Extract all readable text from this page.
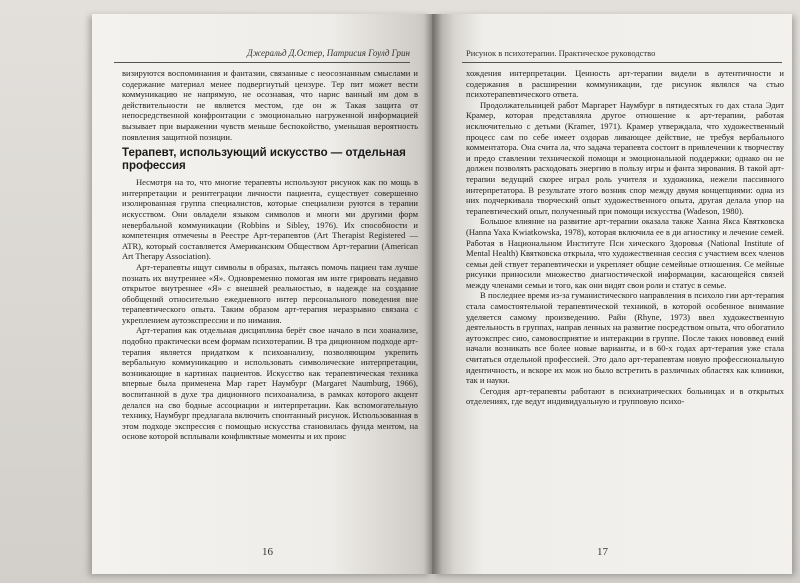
Джеральд Д.Остер, Патрисия Гоулд Грин

визируются воспоминания и фантазии, связанные с неосознанным смыслами и содержание материал менее подвергнутый цензуре. Тер пит может вести коммуникацию не напрямую, не осознавая, что нарис ванный им дом в действительности не является местом, где он ж Такая защита от непосредственной конфронтации с эмоционально нагруженной информацией вызывает при выражении чувств меньше беспокойство, уменьшая вероятность появления защитной позиции.

Терапевт, использующий искусство — отдельная профессия

Несмотря на то, что многие терапевты используют рисунок как по мощь в интерпретации и реинтеграции личности пациента, существует совершенно изолированная группа специалистов, которые специализи руются в терапии искусством. Они овладели языком символов и многи ми другими форм невербальной коммуникации (Robbins и Sibley, 1976). Их способности и компетенция отмечены в Реестре Арт-терапевтов (Art Therapist Registered — ATR), который составляется Американским Обществом Арт-терапии (American Art Therapy Association).

Арт-терапевты ищут символы в образах, пытаясь помочь пациен там лучше познать их внутреннее «Я». Одновременно помогая им инте грировать недавно открытое внутреннее «Я» с внешней реальностью, в надежде на создание обобщений относительно ежедневного интер персонального поведения вне терапевтического опыта. Таким образом арт-терапия неразрывно связана с укреплением аутоэкспрессии и по нимания.

Арт-терапия как отдельная дисциплина берёт свое начало в пси хоанализе, подобно практически всем формам психотерапии. В тра диционном подходе арт-терапия является придатком к психоанализу, позволяющим укрепить вербальную коммуникацию и использовать символические интерпретации, возникающие в картинах пациентов. Искусство как терапевтическая техника впервые была применена Мар гарет Наумбург (Margaret Naumburg, 1966), воспитанной в духе тра диционного психоанализа, в рамках которого акцент делался на сво бодные ассоциации и интерпретации. Как вспомогательную технику, Наумбург предлагала включить спонтанный рисунок. Использованная в этом подходе экспрессия с помощью искусства становилась фунда ментом, на основе которой всплывали конфликтные моменты и их проис

16
Рисунок в психотерапии. Практическое руководство

хождения интерпретации. Ценность арт-терапии видели в аутентичности и содержания в расширении коммуникации, где рисунок являлся ча стью психотерапевтического ответа.

Продолжательницей работ Маргарет Наумбург в пятидесятых го дах стала Эдит Крамер, которая представляла другое отношение к арт-терапии, работая исключительно с детьми (Kramer, 1971). Крамер утверждала, что художественный процесс сам по себе имеет оздорав ливающее действие, не требуя вербального комментатора. Она счита ла, что задача терапевта состоит в привлечении к творчеству и предо ставлении технической помощи и эмоциональной поддержки; однако он не должен позволять расходовать энергию в пользу игры и фанта зирования. В такой арт-терапии ведущий скорее играл роль учителя и художника, нежели пассивного интерпретатора. В результате этого возник спор между двумя концепциями: одна из них подчеркивала творческий опыт художественного опыта, другая делала упор на терапевтический опыт, полученный при помощи искусства (Wadeson, 1980).

Большое влияние на развитие арт-терапии оказала также Ханна Якса Квятковска (Hanna Yaxa Kwiatkowska, 1978), которая включила ее в ди агностику и лечение семей. Работая в Национальном Институте Пси хического Здоровья (National Institute of Mental Health) Квятковска открыла, что художественная сессия с участием всех членов семьи дей ствует терапевтически и укрепляет общие семейные отношения. Се мейные рисунки приносили множество диагностической информации, касающейся связей между членами семьи и того, как они видят свои роли и статус в семье.

В последнее время из-за гуманистического направления в психоло гии арт-терапия стала самостоятельной терапевтической техникой, в которой особенное внимание уделяется самому произведению. Райн (Rhyne, 1973) ввел художественную деятельность в группах, направ ленных на развитие посредством опыта, что обогатило аутоэкспрес сию, самовосприятие и интеракции в группе. После таких нововвед ений начали возникать все более новые варианты, и в 60-х годах арт-терапия уже стала считаться отдельной профессией. Это дало арт-терапевтам новую профессиональную идентичность, и вскоре их мож но было встретить в различных областях как клиники, так и науки.

Сегодня арт-терапевты работают в психиатрических больницах и в открытых отделениях, где ведут индивидуальную и групповую психо-

17
